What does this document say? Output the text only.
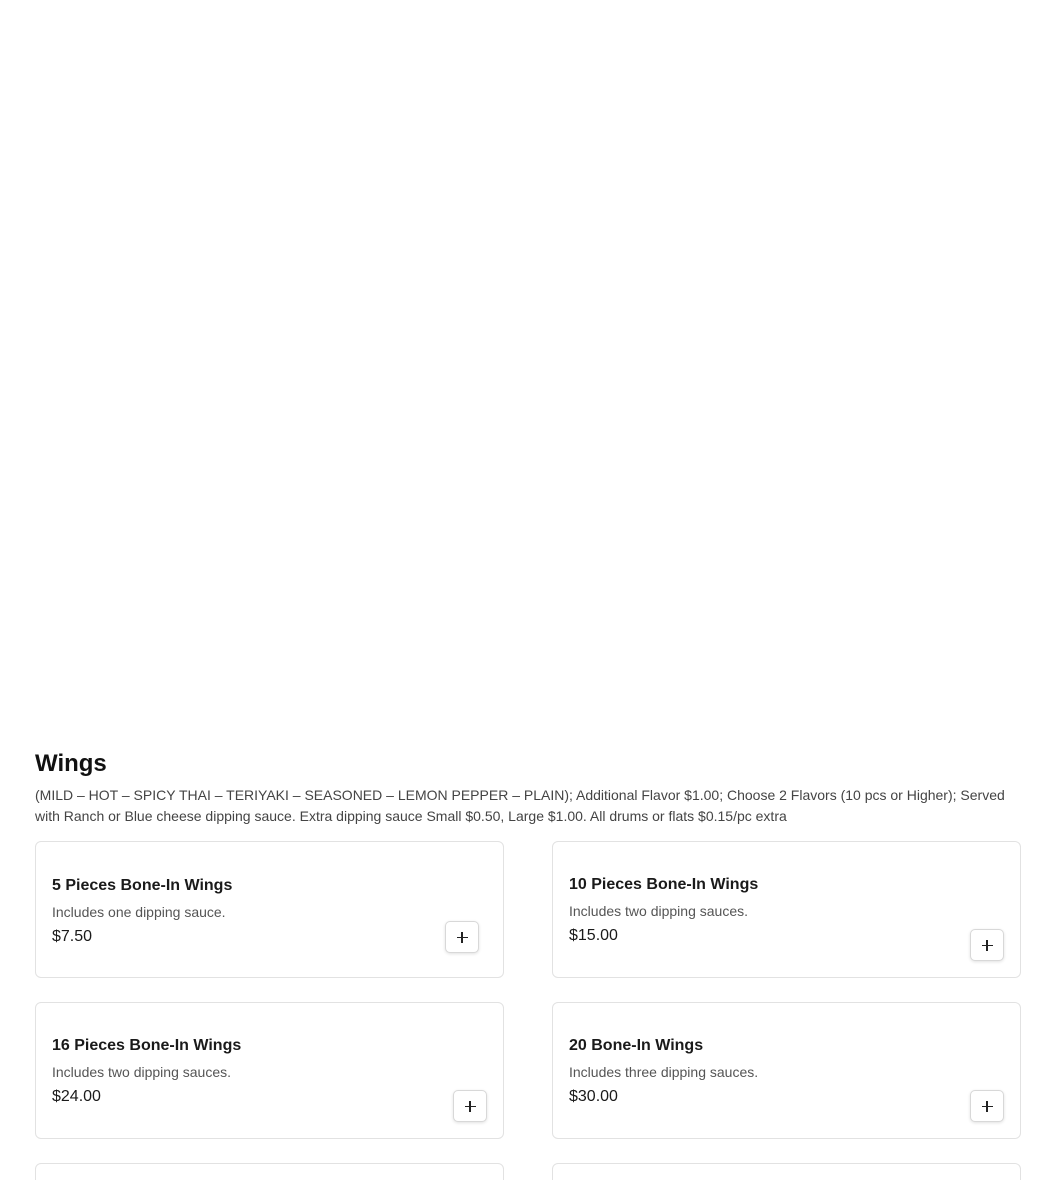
Wings

(MILD – HOT – SPICY THAI – TERIYAKI – SEASONED – LEMON PEPPER – PLAIN); Additional Flavor $1.00; Choose 2 Flavors (10 pcs or Higher); Served with Ranch or Blue cheese dipping sauce. Extra dipping sauce Small $0.50, Large $1.00. All drums or flats $0.15/pc extra

5 Pieces Bone-In Wings
Includes one dipping sauce.
$7.50
10 Pieces Bone-In Wings
Includes two dipping sauces.
$15.00
16 Pieces Bone-In Wings
Includes two dipping sauces.
$24.00
20 Bone-In Wings
Includes three dipping sauces.
$30.00
